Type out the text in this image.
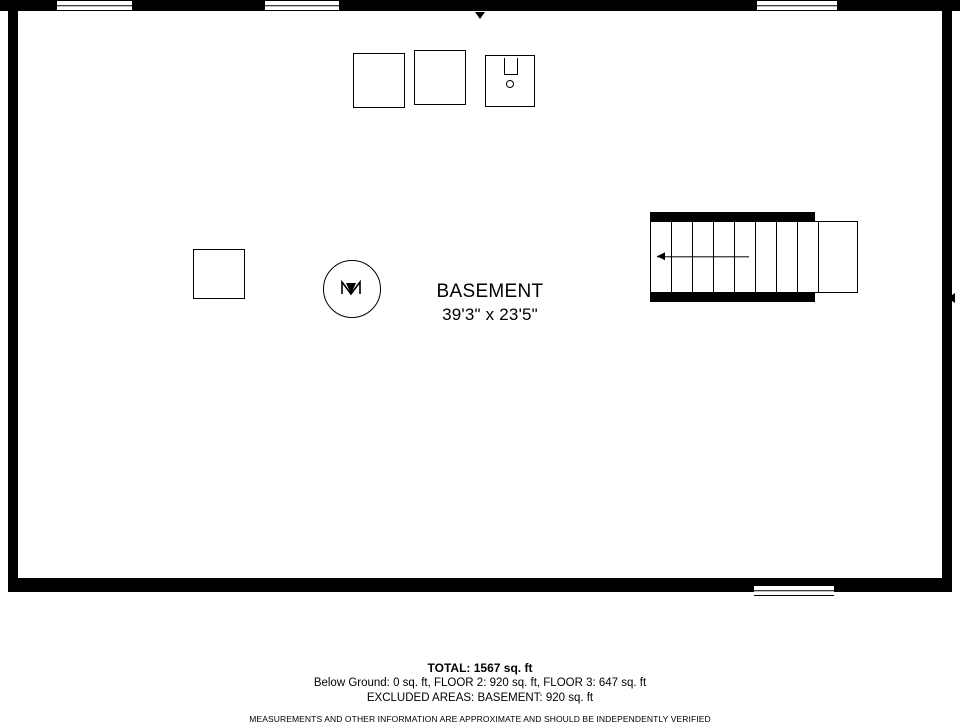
BASEMENT
39'3" x 23'5"
TOTAL: 1567 sq. ft
Below Ground: 0 sq. ft, FLOOR 2: 920 sq. ft, FLOOR 3: 647 sq. ft
EXCLUDED AREAS: BASEMENT: 920 sq. ft
MEASUREMENTS AND OTHER INFORMATION ARE APPROXIMATE AND SHOULD BE INDEPENDENTLY VERIFIED
